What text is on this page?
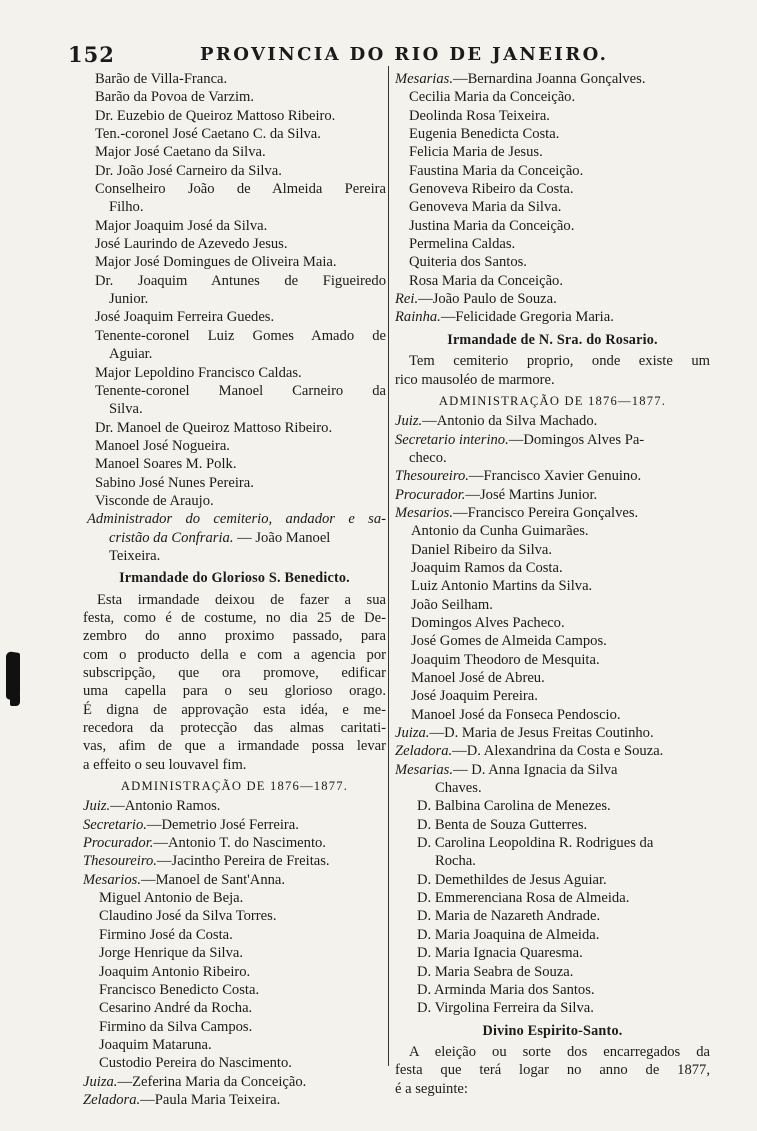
152	PROVINCIA DO RIO DE JANEIRO.
Barão de Villa-Franca.
Barão da Povoa de Varzim.
Dr. Euzebio de Queiroz Mattoso Ribeiro.
Ten.-coronel José Caetano C. da Silva.
Major José Caetano da Silva.
Dr. João José Carneiro da Silva.
Conselheiro João de Almeida Pereira
Filho.
Major Joaquim José da Silva.
José Laurindo de Azevedo Jesus.
Major José Domingues de Oliveira Maia.
Dr. Joaquim Antunes de Figueiredo
Junior.
José Joaquim Ferreira Guedes.
Tenente-coronel Luiz Gomes Amado de
Aguiar.
Major Lepoldino Francisco Caldas.
Tenente-coronel Manoel Carneiro da
Silva.
Dr. Manoel de Queiroz Mattoso Ribeiro.
Manoel José Nogueira.
Manoel Soares M. Polk.
Sabino José Nunes Pereira.
Visconde de Araujo.
Administrador do cemiterio, andador e sa-
cristão da Confraria. — João Manoel
Teixeira.
Irmandade do Glorioso S. Benedicto.
Esta irmandade deixou de fazer a sua
festa, como é de costume, no dia 25 de De-
zembro do anno proximo passado, para
com o producto della e com a agencia por
subscripção, que ora promove, edificar
uma capella para o seu glorioso orago.
É digna de approvação esta idéa, e me-
recedora da protecção das almas caritati-
vas, afim de que a irmandade possa levar
a effeito o seu louvavel fim.
ADMINISTRAÇÃO DE 1876—1877.
Juiz.—Antonio Ramos.
Secretario.—Demetrio José Ferreira.
Procurador.—Antonio T. do Nascimento.
Thesoureiro.—Jacintho Pereira de Freitas.
Mesarios.—Manoel de Sant'Anna.
Miguel Antonio de Beja.
Claudino José da Silva Torres.
Firmino José da Costa.
Jorge Henrique da Silva.
Joaquim Antonio Ribeiro.
Francisco Benedicto Costa.
Cesarino André da Rocha.
Firmino da Silva Campos.
Joaquim Mataruna.
Custodio Pereira do Nascimento.
Juiza.—Zeferina Maria da Conceição.
Zeladora.—Paula Maria Teixeira.
Mesarias.—Bernardina Joanna Gonçalves.
Cecilia Maria da Conceição.
Deolinda Rosa Teixeira.
Eugenia Benedicta Costa.
Felicia Maria de Jesus.
Faustina Maria da Conceição.
Genoveva Ribeiro da Costa.
Genoveva Maria da Silva.
Justina Maria da Conceição.
Permelina Caldas.
Quiteria dos Santos.
Rosa Maria da Conceição.
Rei.—João Paulo de Souza.
Rainha.—Felicidade Gregoria Maria.
Irmandade de N. Sra. do Rosario.
Tem cemiterio proprio, onde existe um
rico mausoléo de marmore.
ADMINISTRAÇÃO DE 1876—1877.
Juiz.—Antonio da Silva Machado.
Secretario interino.—Domingos Alves Pa-
checo.
Thesoureiro.—Francisco Xavier Genuino.
Procurador.—José Martins Junior.
Mesarios.—Francisco Pereira Gonçalves.
Antonio da Cunha Guimarães.
Daniel Ribeiro da Silva.
Joaquim Ramos da Costa.
Luiz Antonio Martins da Silva.
João Seilham.
Domingos Alves Pacheco.
José Gomes de Almeida Campos.
Joaquim Theodoro de Mesquita.
Manoel José de Abreu.
José Joaquim Pereira.
Manoel José da Fonseca Pendoscio.
Juiza.—D. Maria de Jesus Freitas Coutinho.
Zeladora.—D. Alexandrina da Costa e Souza.
Mesarias.— D. Anna Ignacia da Silva
Chaves.
D. Balbina Carolina de Menezes.
D. Benta de Souza Gutterres.
D. Carolina Leopoldina R. Rodrigues da
Rocha.
D. Demethildes de Jesus Aguiar.
D. Emmerenciana Rosa de Almeida.
D. Maria de Nazareth Andrade.
D. Maria Joaquina de Almeida.
D. Maria Ignacia Quaresma.
D. Maria Seabra de Souza.
D. Arminda Maria dos Santos.
D. Virgolina Ferreira da Silva.
Divino Espirito-Santo.
A eleição ou sorte dos encarregados da
festa que terá logar no anno de 1877,
é a seguinte:
